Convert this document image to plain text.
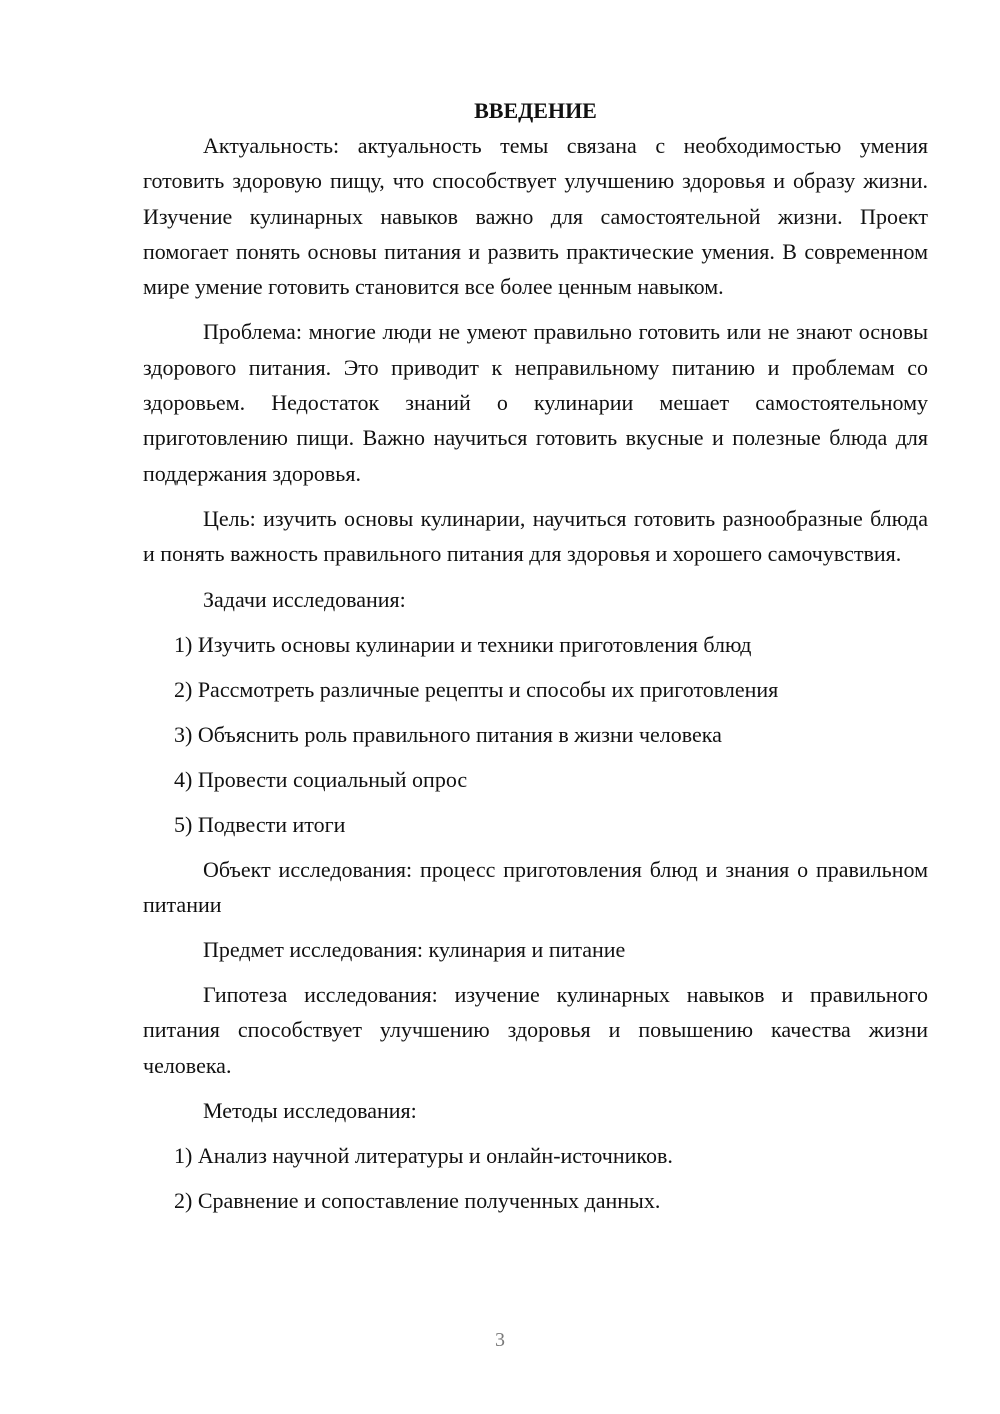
ВВЕДЕНИЕ

Актуальность: актуальность темы связана с необходимостью умения готовить здоровую пищу, что способствует улучшению здоровья и образу жизни. Изучение кулинарных навыков важно для самостоятельной жизни. Проект помогает понять основы питания и развить практические умения. В современном мире умение готовить становится все более ценным навыком.

Проблема: многие люди не умеют правильно готовить или не знают основы здорового питания. Это приводит к неправильному питанию и проблемам со здоровьем. Недостаток знаний о кулинарии мешает самостоятельному приготовлению пищи. Важно научиться готовить вкусные и полезные блюда для поддержания здоровья.

Цель: изучить основы кулинарии, научиться готовить разнообразные блюда и понять важность правильного питания для здоровья и хорошего самочувствия.

Задачи исследования:

1) Изучить основы кулинарии и техники приготовления блюд

2) Рассмотреть различные рецепты и способы их приготовления

3) Объяснить роль правильного питания в жизни человека

4) Провести социальный опрос

5) Подвести итоги

Объект исследования: процесс приготовления блюд и знания о правильном питании

Предмет исследования: кулинария и питание

Гипотеза исследования: изучение кулинарных навыков и правильного питания способствует улучшению здоровья и повышению качества жизни человека.

Методы исследования:

1) Анализ научной литературы и онлайн-источников.

2) Сравнение и сопоставление полученных данных.

3
